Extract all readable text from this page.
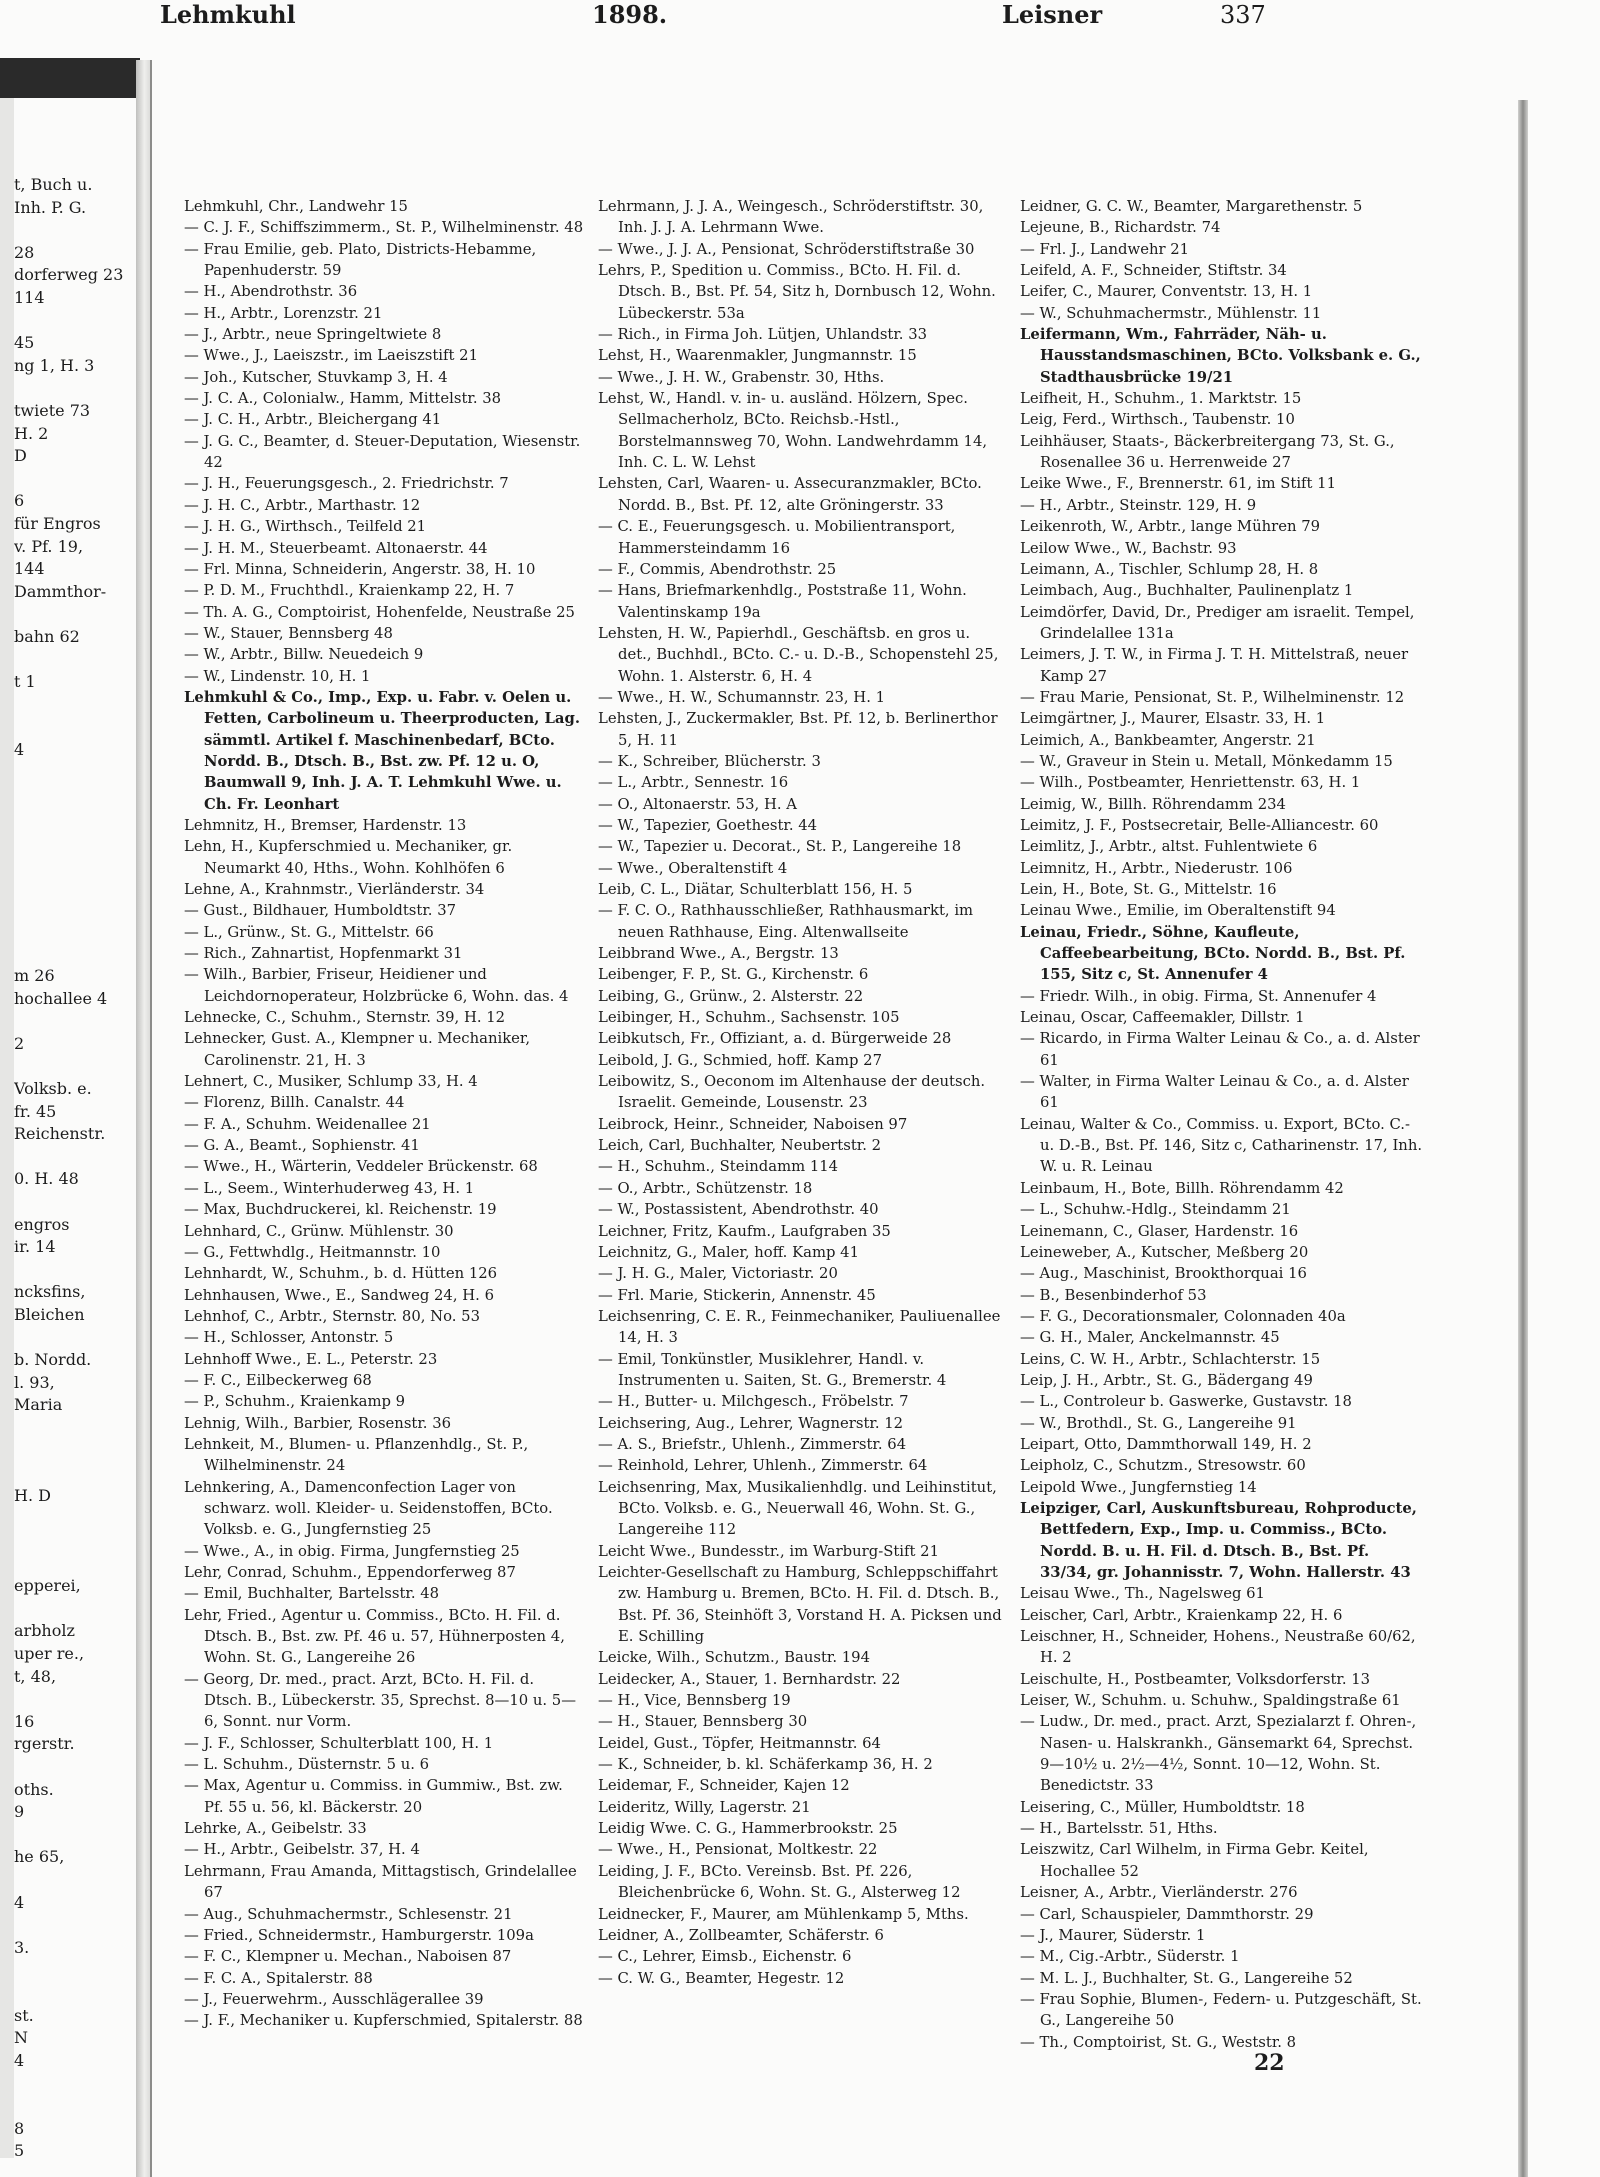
t, Buch u.
Inh. P. G.
28
dorferweg 23
114
45
ng 1, H. 3
twiete 73
H. 2
D
6
für Engros
v. Pf. 19,
144
Dammthor-
bahn 62
t 1
4
m 26
hochallee 4
2
Volksb. e.
fr. 45
Reichenstr.
0. H. 48
engros
ir. 14
ncksfins,
Bleichen
b. Nordd.
l. 93,
Maria
H. D
epperei,
arbholz
uper re.,
t, 48,
16
rgerstr.
oths.
9
he 65,
4
3.
st.
N
4
8
5
Lehmkuhl	1898.	Leisner	337

Lehmkuhl, Chr., Landwehr 15

— C. J. F., Schiffszimmerm., St. P., Wilhelminenstr. 48

— Frau Emilie, geb. Plato, Districts-Hebamme, Papenhuderstr. 59

— H., Abendrothstr. 36

— H., Arbtr., Lorenzstr. 21

— J., Arbtr., neue Springeltwiete 8

— Wwe., J., Laeiszstr., im Laeiszstift 21

— Joh., Kutscher, Stuvkamp 3, H. 4

— J. C. A., Colonialw., Hamm, Mittelstr. 38

— J. C. H., Arbtr., Bleichergang 41

— J. G. C., Beamter, d. Steuer-Deputation, Wiesenstr. 42

— J. H., Feuerungsgesch., 2. Friedrichstr. 7

— J. H. C., Arbtr., Marthastr. 12

— J. H. G., Wirthsch., Teilfeld 21

— J. H. M., Steuerbeamt. Altonaerstr. 44

— Frl. Minna, Schneiderin, Angerstr. 38, H. 10

— P. D. M., Fruchthdl., Kraienkamp 22, H. 7

— Th. A. G., Comptoirist, Hohenfelde, Neustraße 25

— W., Stauer, Bennsberg 48

— W., Arbtr., Billw. Neuedeich 9

— W., Lindenstr. 10, H. 1

Lehmkuhl & Co., Imp., Exp. u. Fabr. v. Oelen u. Fetten, Carbolineum u. Theerproducten, Lag. sämmtl. Artikel f. Maschinenbedarf, BCto. Nordd. B., Dtsch. B., Bst. zw. Pf. 12 u. O, Baumwall 9, Inh. J. A. T. Lehmkuhl Wwe. u. Ch. Fr. Leonhart

Lehmnitz, H., Bremser, Hardenstr. 13

Lehn, H., Kupferschmied u. Mechaniker, gr. Neumarkt 40, Hths., Wohn. Kohlhöfen 6

Lehne, A., Krahnmstr., Vierländerstr. 34

— Gust., Bildhauer, Humboldtstr. 37

— L., Grünw., St. G., Mittelstr. 66

— Rich., Zahnartist, Hopfenmarkt 31

— Wilh., Barbier, Friseur, Heidiener und Leichdornoperateur, Holzbrücke 6, Wohn. das. 4

Lehnecke, C., Schuhm., Sternstr. 39, H. 12

Lehnecker, Gust. A., Klempner u. Mechaniker, Carolinenstr. 21, H. 3

Lehnert, C., Musiker, Schlump 33, H. 4

— Florenz, Billh. Canalstr. 44

— F. A., Schuhm. Weidenallee 21

— G. A., Beamt., Sophienstr. 41

— Wwe., H., Wärterin, Veddeler Brückenstr. 68

— L., Seem., Winterhuderweg 43, H. 1

— Max, Buchdruckerei, kl. Reichenstr. 19

Lehnhard, C., Grünw. Mühlenstr. 30

— G., Fettwhdlg., Heitmannstr. 10

Lehnhardt, W., Schuhm., b. d. Hütten 126

Lehnhausen, Wwe., E., Sandweg 24, H. 6

Lehnhof, C., Arbtr., Sternstr. 80, No. 53

— H., Schlosser, Antonstr. 5

Lehnhoff Wwe., E. L., Peterstr. 23

— F. C., Eilbeckerweg 68

— P., Schuhm., Kraienkamp 9

Lehnig, Wilh., Barbier, Rosenstr. 36

Lehnkeit, M., Blumen- u. Pflanzenhdlg., St. P., Wilhelminenstr. 24

Lehnkering, A., Damenconfection Lager von schwarz. woll. Kleider- u. Seidenstoffen, BCto. Volksb. e. G., Jungfernstieg 25

— Wwe., A., in obig. Firma, Jungfernstieg 25

Lehr, Conrad, Schuhm., Eppendorferweg 87

— Emil, Buchhalter, Bartelsstr. 48

Lehr, Fried., Agentur u. Commiss., BCto. H. Fil. d. Dtsch. B., Bst. zw. Pf. 46 u. 57, Hühnerposten 4, Wohn. St. G., Langereihe 26

— Georg, Dr. med., pract. Arzt, BCto. H. Fil. d. Dtsch. B., Lübeckerstr. 35, Sprechst. 8—10 u. 5—6, Sonnt. nur Vorm.

— J. F., Schlosser, Schulterblatt 100, H. 1

— L. Schuhm., Düsternstr. 5 u. 6

— Max, Agentur u. Commiss. in Gummiw., Bst. zw. Pf. 55 u. 56, kl. Bäckerstr. 20

Lehrke, A., Geibelstr. 33

— H., Arbtr., Geibelstr. 37, H. 4

Lehrmann, Frau Amanda, Mittagstisch, Grindelallee 67

— Aug., Schuhmachermstr., Schlesenstr. 21

— Fried., Schneidermstr., Hamburgerstr. 109a

— F. C., Klempner u. Mechan., Naboisen 87

— F. C. A., Spitalerstr. 88

— J., Feuerwehrm., Ausschlägerallee 39

— J. F., Mechaniker u. Kupferschmied, Spitalerstr. 88

Lehrmann, J. J. A., Weingesch., Schröderstiftstr. 30, Inh. J. J. A. Lehrmann Wwe.

— Wwe., J. J. A., Pensionat, Schröderstiftstraße 30

Lehrs, P., Spedition u. Commiss., BCto. H. Fil. d. Dtsch. B., Bst. Pf. 54, Sitz h, Dornbusch 12, Wohn. Lübeckerstr. 53a

— Rich., in Firma Joh. Lütjen, Uhlandstr. 33

Lehst, H., Waarenmakler, Jungmannstr. 15

— Wwe., J. H. W., Grabenstr. 30, Hths.

Lehst, W., Handl. v. in- u. ausländ. Hölzern, Spec. Sellmacherholz, BCto. Reichsb.-Hstl., Borstelmannsweg 70, Wohn. Landwehrdamm 14, Inh. C. L. W. Lehst

Lehsten, Carl, Waaren- u. Assecuranzmakler, BCto. Nordd. B., Bst. Pf. 12, alte Gröningerstr. 33

— C. E., Feuerungsgesch. u. Mobilientransport, Hammersteindamm 16

— F., Commis, Abendrothstr. 25

— Hans, Briefmarkenhdlg., Poststraße 11, Wohn. Valentinskamp 19a

Lehsten, H. W., Papierhdl., Geschäftsb. en gros u. det., Buchhdl., BCto. C.- u. D.-B., Schopenstehl 25, Wohn. 1. Alsterstr. 6, H. 4

— Wwe., H. W., Schumannstr. 23, H. 1

Lehsten, J., Zuckermakler, Bst. Pf. 12, b. Berlinerthor 5, H. 11

— K., Schreiber, Blücherstr. 3

— L., Arbtr., Sennestr. 16

— O., Altonaerstr. 53, H. A

— W., Tapezier, Goethestr. 44

— W., Tapezier u. Decorat., St. P., Langereihe 18

— Wwe., Oberaltenstift 4

Leib, C. L., Diätar, Schulterblatt 156, H. 5

— F. C. O., Rathhausschließer, Rathhausmarkt, im neuen Rathhause, Eing. Altenwallseite

Leibbrand Wwe., A., Bergstr. 13

Leibenger, F. P., St. G., Kirchenstr. 6

Leibing, G., Grünw., 2. Alsterstr. 22

Leibinger, H., Schuhm., Sachsenstr. 105

Leibkutsch, Fr., Offiziant, a. d. Bürgerweide 28

Leibold, J. G., Schmied, hoff. Kamp 27

Leibowitz, S., Oeconom im Altenhause der deutsch. Israelit. Gemeinde, Lousenstr. 23

Leibrock, Heinr., Schneider, Naboisen 97

Leich, Carl, Buchhalter, Neubertstr. 2

— H., Schuhm., Steindamm 114

— O., Arbtr., Schützenstr. 18

— W., Postassistent, Abendrothstr. 40

Leichner, Fritz, Kaufm., Laufgraben 35

Leichnitz, G., Maler, hoff. Kamp 41

— J. H. G., Maler, Victoriastr. 20

— Frl. Marie, Stickerin, Annenstr. 45

Leichsenring, C. E. R., Feinmechaniker, Pauliuenallee 14, H. 3

— Emil, Tonkünstler, Musiklehrer, Handl. v. Instrumenten u. Saiten, St. G., Bremerstr. 4

— H., Butter- u. Milchgesch., Fröbelstr. 7

Leichsering, Aug., Lehrer, Wagnerstr. 12

— A. S., Briefstr., Uhlenh., Zimmerstr. 64

— Reinhold, Lehrer, Uhlenh., Zimmerstr. 64

Leichsenring, Max, Musikalienhdlg. und Leihinstitut, BCto. Volksb. e. G., Neuerwall 46, Wohn. St. G., Langereihe 112

Leicht Wwe., Bundesstr., im Warburg-Stift 21

Leichter-Gesellschaft zu Hamburg, Schleppschiffahrt zw. Hamburg u. Bremen, BCto. H. Fil. d. Dtsch. B., Bst. Pf. 36, Steinhöft 3, Vorstand H. A. Picksen und E. Schilling

Leicke, Wilh., Schutzm., Baustr. 194

Leidecker, A., Stauer, 1. Bernhardstr. 22

— H., Vice, Bennsberg 19

— H., Stauer, Bennsberg 30

Leidel, Gust., Töpfer, Heitmannstr. 64

— K., Schneider, b. kl. Schäferkamp 36, H. 2

Leidemar, F., Schneider, Kajen 12

Leideritz, Willy, Lagerstr. 21

Leidig Wwe. C. G., Hammerbrookstr. 25

— Wwe., H., Pensionat, Moltkestr. 22

Leiding, J. F., BCto. Vereinsb. Bst. Pf. 226, Bleichenbrücke 6, Wohn. St. G., Alsterweg 12

Leidnecker, F., Maurer, am Mühlenkamp 5, Mths.

Leidner, A., Zollbeamter, Schäferstr. 6

— C., Lehrer, Eimsb., Eichenstr. 6

— C. W. G., Beamter, Hegestr. 12

Leidner, G. C. W., Beamter, Margarethenstr. 5

Lejeune, B., Richardstr. 74

— Frl. J., Landwehr 21

Leifeld, A. F., Schneider, Stiftstr. 34

Leifer, C., Maurer, Conventstr. 13, H. 1

— W., Schuhmachermstr., Mühlenstr. 11

Leifermann, Wm., Fahrräder, Näh- u. Hausstandsmaschinen, BCto. Volksbank e. G., Stadthausbrücke 19/21

Leifheit, H., Schuhm., 1. Marktstr. 15

Leig, Ferd., Wirthsch., Taubenstr. 10

Leihhäuser, Staats-, Bäckerbreitergang 73, St. G., Rosenallee 36 u. Herrenweide 27

Leike Wwe., F., Brennerstr. 61, im Stift 11

— H., Arbtr., Steinstr. 129, H. 9

Leikenroth, W., Arbtr., lange Mühren 79

Leilow Wwe., W., Bachstr. 93

Leimann, A., Tischler, Schlump 28, H. 8

Leimbach, Aug., Buchhalter, Paulinenplatz 1

Leimdörfer, David, Dr., Prediger am israelit. Tempel, Grindelallee 131a

Leimers, J. T. W., in Firma J. T. H. Mittelstraß, neuer Kamp 27

— Frau Marie, Pensionat, St. P., Wilhelminenstr. 12

Leimgärtner, J., Maurer, Elsastr. 33, H. 1

Leimich, A., Bankbeamter, Angerstr. 21

— W., Graveur in Stein u. Metall, Mönkedamm 15

— Wilh., Postbeamter, Henriettenstr. 63, H. 1

Leimig, W., Billh. Röhrendamm 234

Leimitz, J. F., Postsecretair, Belle-Alliancestr. 60

Leimlitz, J., Arbtr., altst. Fuhlentwiete 6

Leimnitz, H., Arbtr., Niederustr. 106

Lein, H., Bote, St. G., Mittelstr. 16

Leinau Wwe., Emilie, im Oberaltenstift 94

Leinau, Friedr., Söhne, Kaufleute, Caffeebearbeitung, BCto. Nordd. B., Bst. Pf. 155, Sitz c, St. Annenufer 4

— Friedr. Wilh., in obig. Firma, St. Annenufer 4

Leinau, Oscar, Caffeemakler, Dillstr. 1

— Ricardo, in Firma Walter Leinau & Co., a. d. Alster 61

— Walter, in Firma Walter Leinau & Co., a. d. Alster 61

Leinau, Walter & Co., Commiss. u. Export, BCto. C.- u. D.-B., Bst. Pf. 146, Sitz c, Catharinenstr. 17, Inh. W. u. R. Leinau

Leinbaum, H., Bote, Billh. Röhrendamm 42

— L., Schuhw.-Hdlg., Steindamm 21

Leinemann, C., Glaser, Hardenstr. 16

Leineweber, A., Kutscher, Meßberg 20

— Aug., Maschinist, Brookthorquai 16

— B., Besenbinderhof 53

— F. G., Decorationsmaler, Colonnaden 40a

— G. H., Maler, Anckelmannstr. 45

Leins, C. W. H., Arbtr., Schlachterstr. 15

Leip, J. H., Arbtr., St. G., Bädergang 49

— L., Controleur b. Gaswerke, Gustavstr. 18

— W., Brothdl., St. G., Langereihe 91

Leipart, Otto, Dammthorwall 149, H. 2

Leipholz, C., Schutzm., Stresowstr. 60

Leipold Wwe., Jungfernstieg 14

Leipziger, Carl, Auskunftsbureau, Rohproducte, Bettfedern, Exp., Imp. u. Commiss., BCto. Nordd. B. u. H. Fil. d. Dtsch. B., Bst. Pf. 33/34, gr. Johannisstr. 7, Wohn. Hallerstr. 43

Leisau Wwe., Th., Nagelsweg 61

Leischer, Carl, Arbtr., Kraienkamp 22, H. 6

Leischner, H., Schneider, Hohens., Neustraße 60/62, H. 2

Leischulte, H., Postbeamter, Volksdorferstr. 13

Leiser, W., Schuhm. u. Schuhw., Spaldingstraße 61

— Ludw., Dr. med., pract. Arzt, Spezialarzt f. Ohren-, Nasen- u. Halskrankh., Gänsemarkt 64, Sprechst. 9—10½ u. 2½—4½, Sonnt. 10—12, Wohn. St. Benedictstr. 33

Leisering, C., Müller, Humboldtstr. 18

— H., Bartelsstr. 51, Hths.

Leiszwitz, Carl Wilhelm, in Firma Gebr. Keitel, Hochallee 52

Leisner, A., Arbtr., Vierländerstr. 276

— Carl, Schauspieler, Dammthorstr. 29

— J., Maurer, Süderstr. 1

— M., Cig.-Arbtr., Süderstr. 1

— M. L. J., Buchhalter, St. G., Langereihe 52

— Frau Sophie, Blumen-, Federn- u. Putzgeschäft, St. G., Langereihe 50

— Th., Comptoirist, St. G., Weststr. 8

22
